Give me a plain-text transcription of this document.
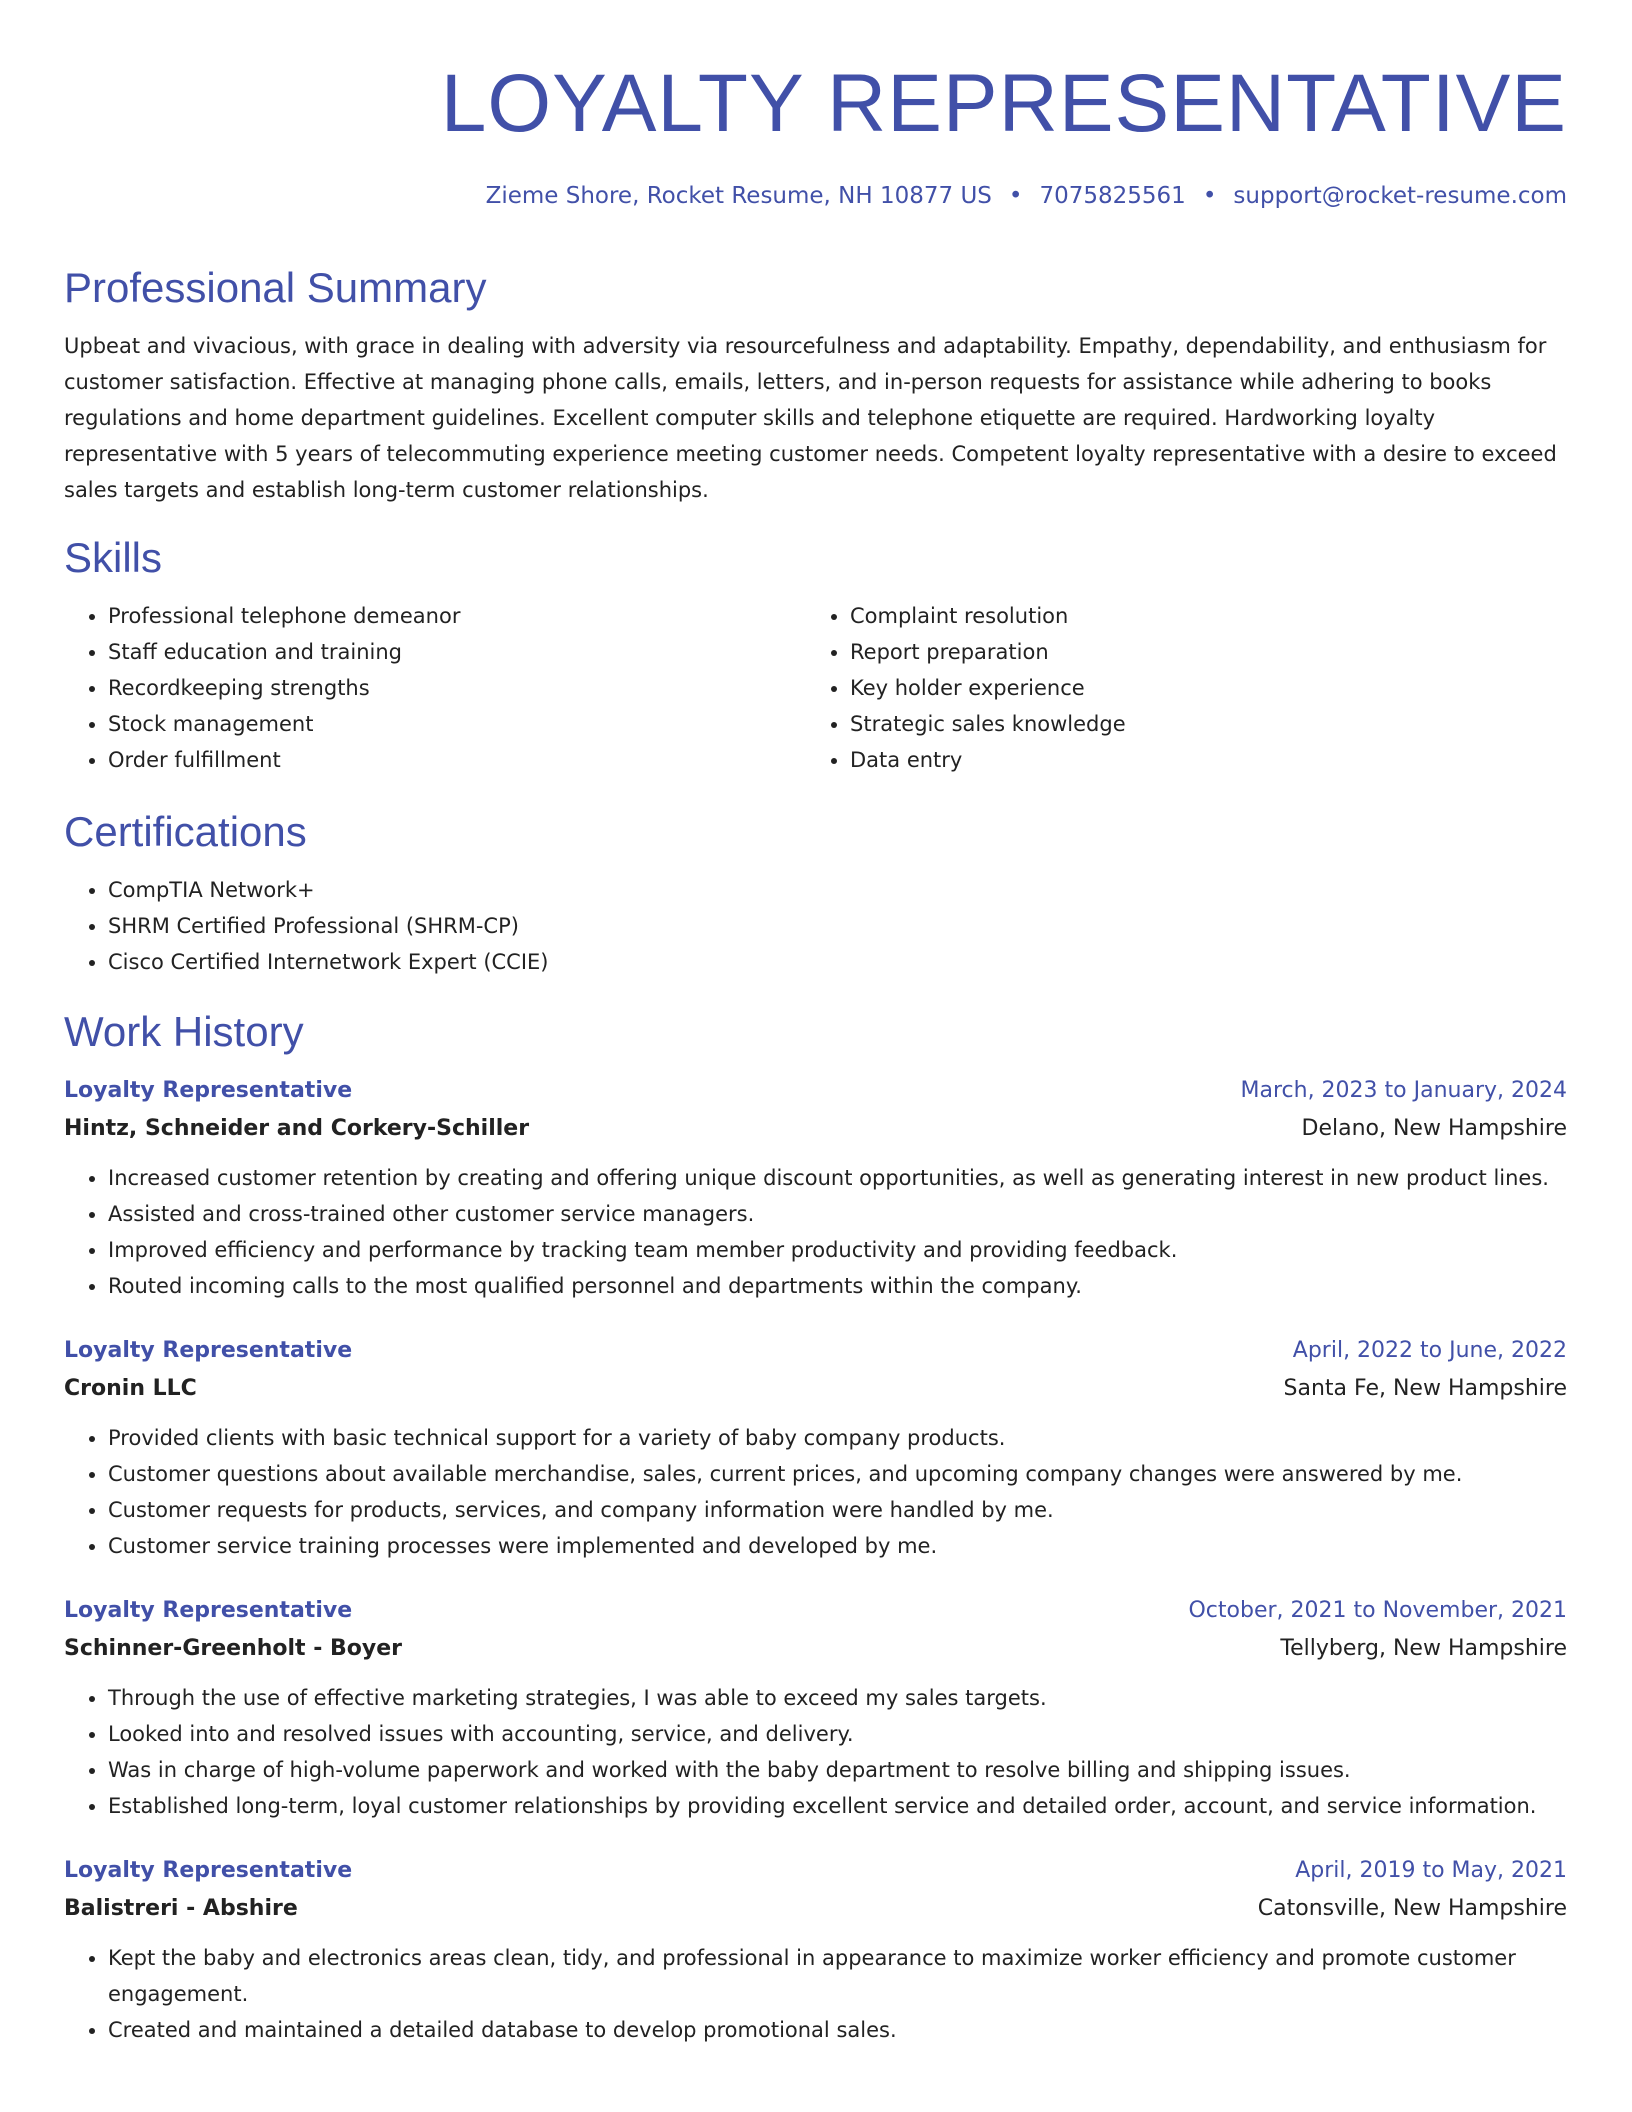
LOYALTY REPRESENTATIVE
Zieme Shore, Rocket Resume, NH 10877 US • 7075825561 • support@rocket-resume.com
Professional Summary

Upbeat and vivacious, with grace in dealing with adversity via resourcefulness and adaptability. Empathy, dependability, and enthusiasm for customer satisfaction. Effective at managing phone calls, emails, letters, and in-person requests for assistance while adhering to books regulations and home department guidelines. Excellent computer skills and telephone etiquette are required. Hardworking loyalty representative with 5 years of telecommuting experience meeting customer needs. Competent loyalty representative with a desire to exceed sales targets and establish long-term customer relationships.

Skills
• Professional telephone demeanor
• Staff education and training
• Recordkeeping strengths
• Stock management
• Order fulfillment
• Complaint resolution
• Report preparation
• Key holder experience
• Strategic sales knowledge
• Data entry
Certifications
• CompTIA Network+
• SHRM Certified Professional (SHRM-CP)
• Cisco Certified Internetwork Expert (CCIE)
Work History
Loyalty Representative	March, 2023 to January, 2024
Hintz, Schneider and Corkery-Schiller	Delano, New Hampshire
• Increased customer retention by creating and offering unique discount opportunities, as well as generating interest in new product lines.
• Assisted and cross-trained other customer service managers.
• Improved efficiency and performance by tracking team member productivity and providing feedback.
• Routed incoming calls to the most qualified personnel and departments within the company.
Loyalty Representative	April, 2022 to June, 2022
Cronin LLC	Santa Fe, New Hampshire
• Provided clients with basic technical support for a variety of baby company products.
• Customer questions about available merchandise, sales, current prices, and upcoming company changes were answered by me.
• Customer requests for products, services, and company information were handled by me.
• Customer service training processes were implemented and developed by me.
Loyalty Representative	October, 2021 to November, 2021
Schinner-Greenholt - Boyer	Tellyberg, New Hampshire
• Through the use of effective marketing strategies, I was able to exceed my sales targets.
• Looked into and resolved issues with accounting, service, and delivery.
• Was in charge of high-volume paperwork and worked with the baby department to resolve billing and shipping issues.
• Established long-term, loyal customer relationships by providing excellent service and detailed order, account, and service information.
Loyalty Representative	April, 2019 to May, 2021
Balistreri - Abshire	Catonsville, New Hampshire
• Kept the baby and electronics areas clean, tidy, and professional in appearance to maximize worker efficiency and promote customer engagement.
• Created and maintained a detailed database to develop promotional sales.
